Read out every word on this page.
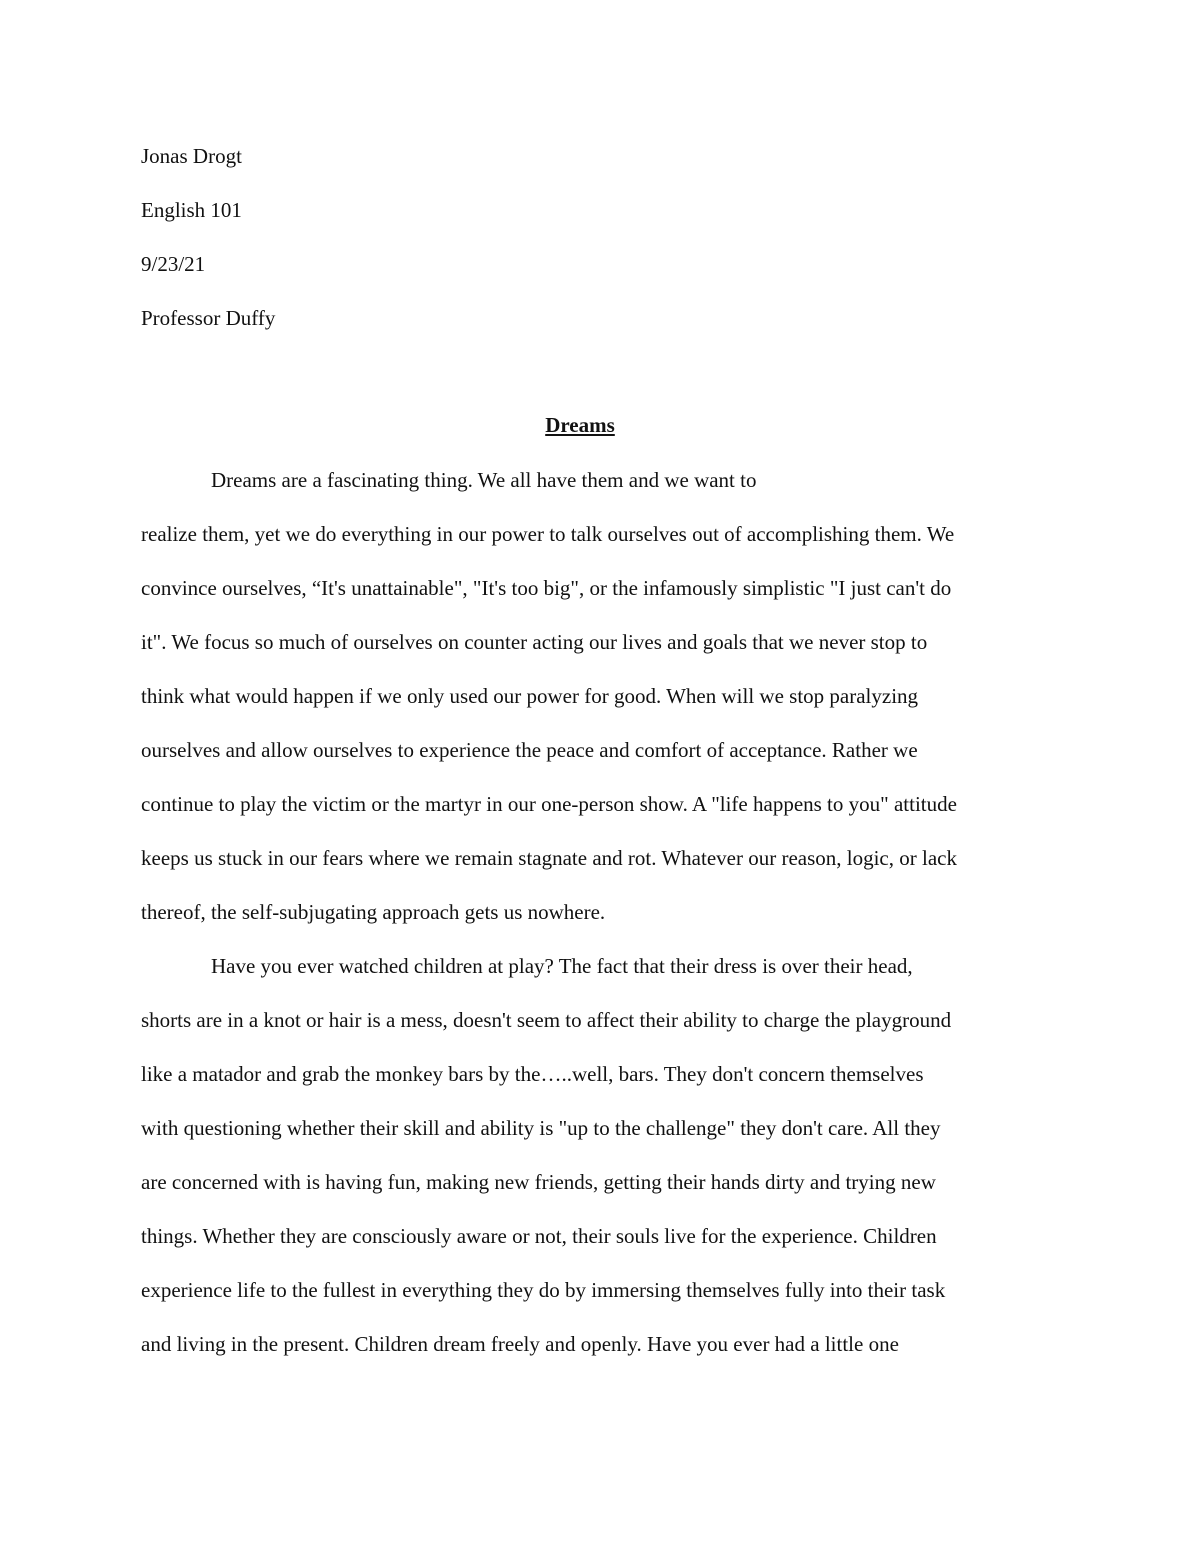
Jonas Drogt
English 101
9/23/21
Professor Duffy
Dreams
Dreams are a fascinating thing. We all have them and we want to
realize them, yet we do everything in our power to talk ourselves out of accomplishing them. We
convince ourselves, “It's unattainable", "It's too big", or the infamously simplistic "I just can't do
it". We focus so much of ourselves on counter acting our lives and goals that we never stop to
think what would happen if we only used our power for good. When will we stop paralyzing
ourselves and allow ourselves to experience the peace and comfort of acceptance. Rather we
continue to play the victim or the martyr in our one-person show. A "life happens to you" attitude
keeps us stuck in our fears where we remain stagnate and rot. Whatever our reason, logic, or lack
thereof, the self-subjugating approach gets us nowhere.
Have you ever watched children at play? The fact that their dress is over their head,
shorts are in a knot or hair is a mess, doesn't seem to affect their ability to charge the playground
like a matador and grab the monkey bars by the…..well, bars. They don't concern themselves
with questioning whether their skill and ability is "up to the challenge" they don't care. All they
are concerned with is having fun, making new friends, getting their hands dirty and trying new
things. Whether they are consciously aware or not, their souls live for the experience. Children
experience life to the fullest in everything they do by immersing themselves fully into their task
and living in the present. Children dream freely and openly. Have you ever had a little one
